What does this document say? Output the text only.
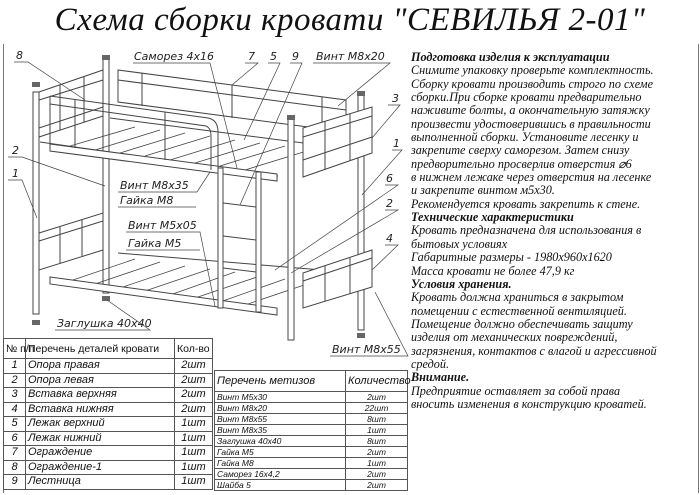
Схема сборки кровати "СЕВИЛЬЯ 2-01"
8	Саморез 4х16	7 5 9 Винт М8х20
3
2
1
1
6
2
4
Винт М8х35
Гайка М8
Винт М5х05
Гайка М5
Заглушка 40х40
Винт М8х55
Подготовка изделия к эксплуатации
Снимите упаковку проверьте комплектность.
Сборку кровати производить строго по схеме
сборки.При сборке кровати предварительно
наживите болты, а окончательную затяжку
произвести удостоверившись в правильности
выполненной сборки. Установите лесенку и
закрепите сверху саморезом. Затем снизу
предворительно просверлив отверстия ⌀6
в нижнем лежаке через отверстия на лесенке
и закрепите винтом м5х30.
Рекомендуется кровать закрепить к стене.
Технические характеристики
Кровать предназначена для использования в
бытовых условиях
Габаритные размеры - 1980х960х1620
Масса кровати не более 47,9 кг
Условия хранения.
Кровать должна храниться в закрытом
помещении с естественной вентиляцией.
Помещение должно обеспечивать защиту
изделия от механических повреждений,
загрязнения, контактов с влагой и агрессивной
средой.
Внимание.
Предприятие оставляет за собой права
вносить изменения в конструкцию кроватей.
№ п/п	Перечень деталей кровати	Кол-во
1	Опора правая	2шт
2	Опора левая	2шт
3	Вставка верхняя	2шт
4	Вставка нижняя	2шт
5	Лежак верхний	1шт
6	Лежак нижний	1шт
7	Ограждение	1шт
8	Ограждение-1	1шт
9	Лестница	1шт
Перечень метизов	Количество
Винт М5х30	2шт
Винт М8х20	22шт
Винт М8х55	8шт
Винт М8х35	1шт
Заглушка 40х40	8шт
Гайка М5	2шт
Гайка М8	1шт
Саморез 16х4,2	2шт
Шайба 5	2шт
